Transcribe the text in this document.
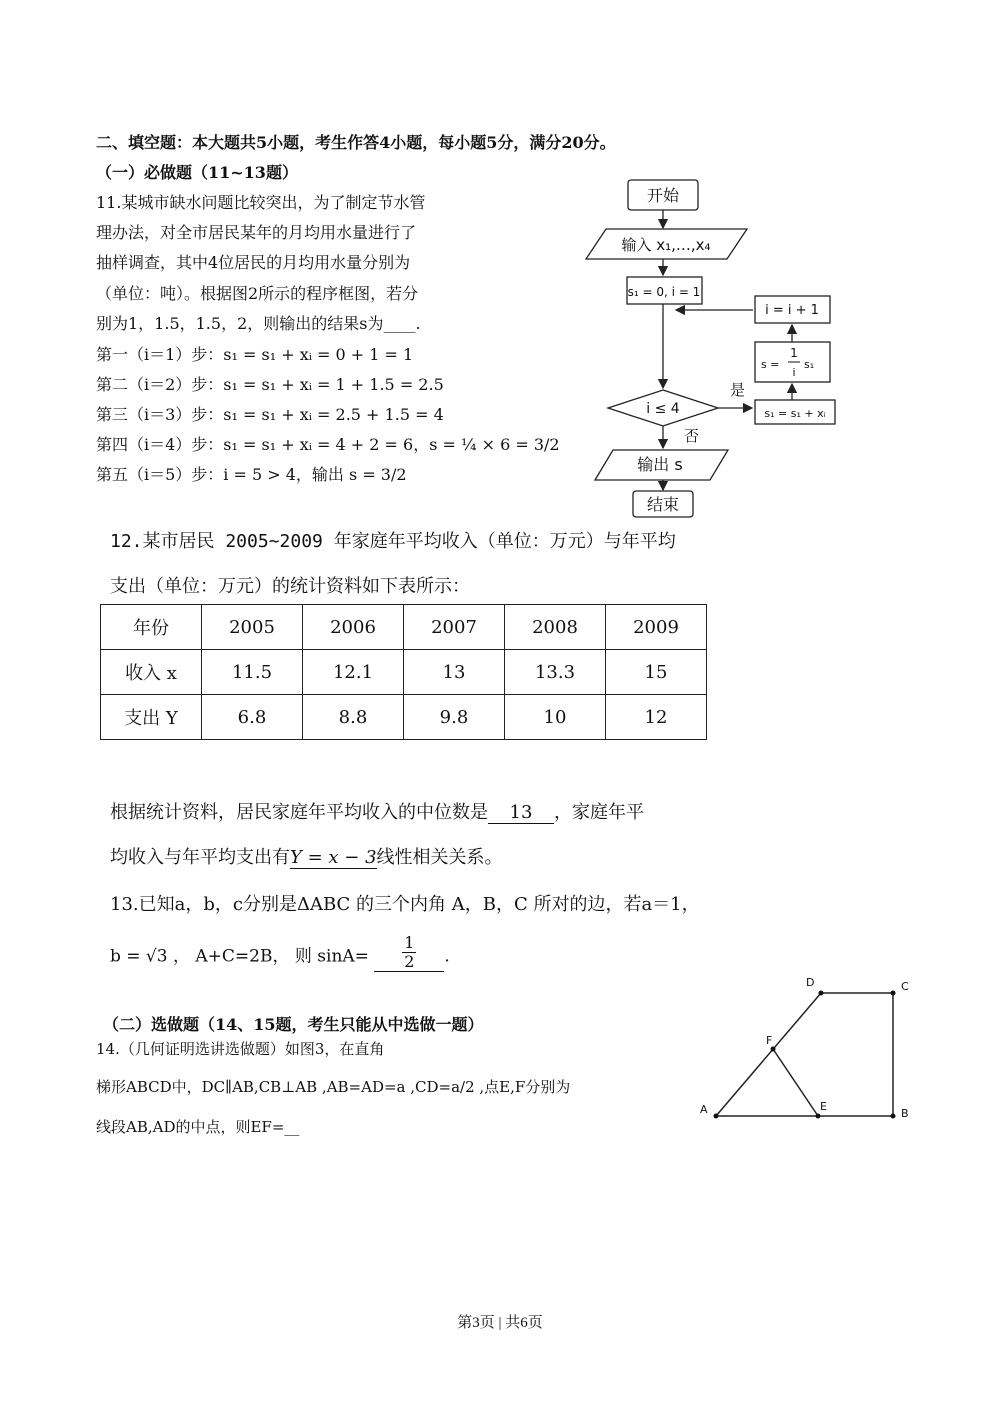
二、填空题：本大题共5小题，考生作答4小题，每小题5分，满分20分。
（一）必做题（11~13题）
11.某城市缺水问题比较突出，为了制定节水管
理办法，对全市居民某年的月均用水量进行了
抽样调查，其中4位居民的月均用水量分别为
（单位：吨）。根据图2所示的程序框图，若分
别为1，1.5，1.5，2，则输出的结果s为____.
第一（i＝1）步：s₁ = s₁ + xᵢ = 0 + 1 = 1
第二（i＝2）步：s₁ = s₁ + xᵢ = 1 + 1.5 = 2.5
第三（i＝3）步：s₁ = s₁ + xᵢ = 2.5 + 1.5 = 4
第四（i＝4）步：s₁ = s₁ + xᵢ = 4 + 2 = 6，s = ¼ × 6 = 3/2
第五（i＝5）步：i = 5 > 4，输出 s = 3/2
开始
输入 x₁,…,x₄
s₁ = 0, i = 1
i ≤ 4
是
否
s₁ = s₁ + xᵢ
s =
1
i
s₁
i = i + 1
输出 s
结束
12.某市居民 2005~2009 年家庭年平均收入（单位：万元）与年平均
支出（单位：万元）的统计资料如下表所示：
年份	2005	2006	2007	2008	2009
收入 x	11.5	12.1	13	13.3	15
支出 Y	6.8	8.8	9.8	10	12
根据统计资料，居民家庭年平均收入的中位数是 13 ，家庭年平
均收入与年平均支出有Y = x − 3线性相关关系。
13.已知a，b，c分别是ΔABC 的三个内角 A，B，C 所对的边，若a＝1，
b = √3 ， A+C=2B， 则 $\sin A= \frac{1}{2}$ .
（二）选做题（14、15题，考生只能从中选做一题）
14.（几何证明选讲选做题）如图3，在直角
梯形ABCD中，DC∥AB,CB⊥AB ,AB=AD=a ,CD=a/2 ,点E,F分别为
线段AB,AD的中点，则EF=__
A	B
C
D
E
F
第3页 | 共6页
